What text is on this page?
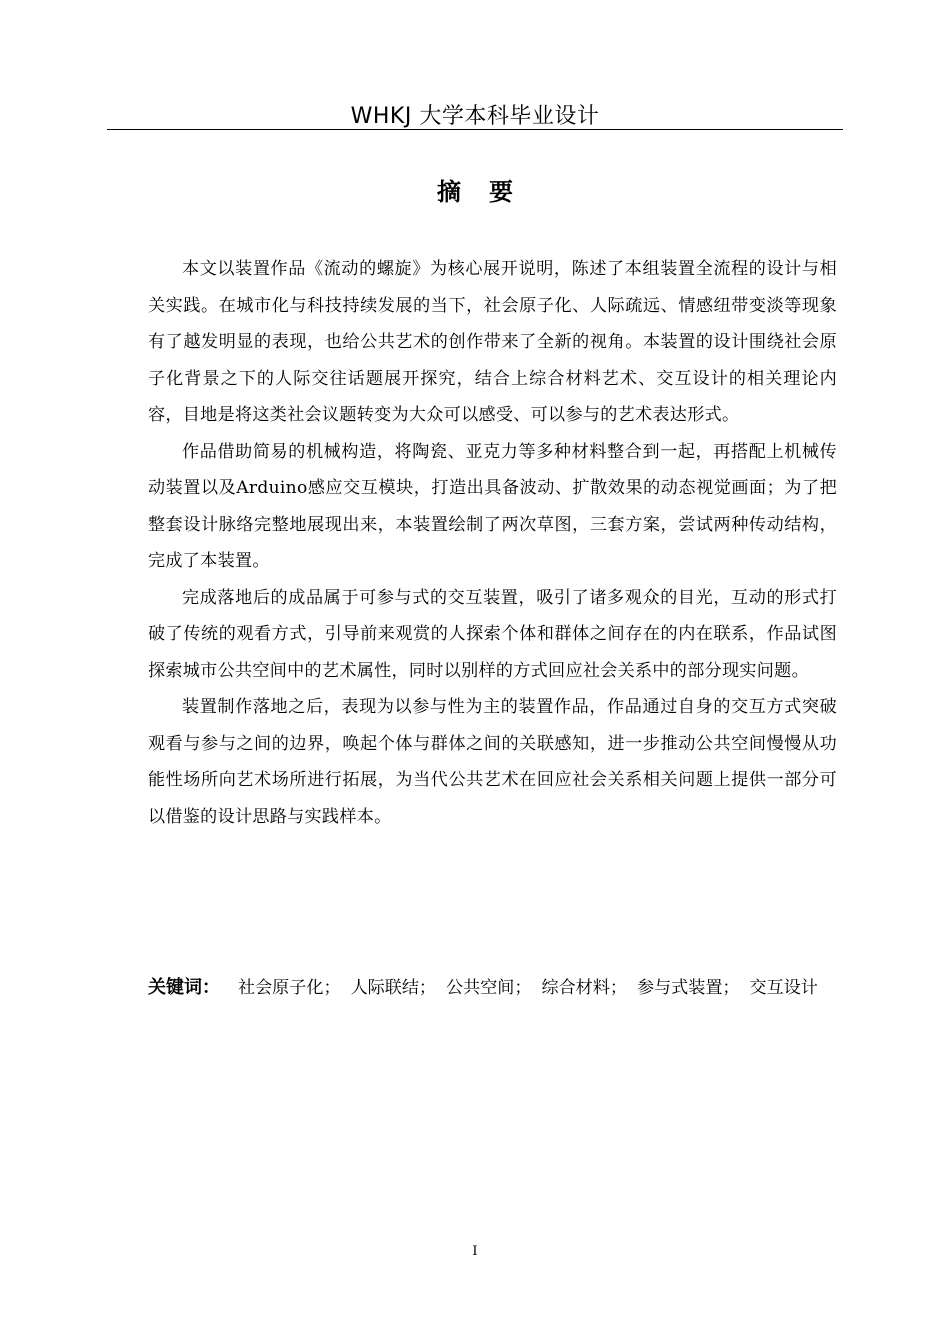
WHKJ 大学本科毕业设计
摘要

本文以装置作品《流动的螺旋》为核心展开说明，陈述了本组装置全流程的设计与相关实践。在城市化与科技持续发展的当下，社会原子化、人际疏远、情感纽带变淡等现象有了越发明显的表现，也给公共艺术的创作带来了全新的视角。本装置的设计围绕社会原子化背景之下的人际交往话题展开探究，结合上综合材料艺术、交互设计的相关理论内容，目地是将这类社会议题转变为大众可以感受、可以参与的艺术表达形式。

作品借助简易的机械构造，将陶瓷、亚克力等多种材料整合到一起，再搭配上机械传动装置以及Arduino感应交互模块，打造出具备波动、扩散效果的动态视觉画面；为了把整套设计脉络完整地展现出来，本装置绘制了两次草图，三套方案，尝试两种传动结构，完成了本装置。

完成落地后的成品属于可参与式的交互装置，吸引了诸多观众的目光，互动的形式打破了传统的观看方式，引导前来观赏的人探索个体和群体之间存在的内在联系，作品试图探索城市公共空间中的艺术属性，同时以别样的方式回应社会关系中的部分现实问题。

装置制作落地之后，表现为以参与性为主的装置作品，作品通过自身的交互方式突破观看与参与之间的边界，唤起个体与群体之间的关联感知，进一步推动公共空间慢慢从功能性场所向艺术场所进行拓展，为当代公共艺术在回应社会关系相关问题上提供一部分可以借鉴的设计思路与实践样本。

关键词： 社会原子化； 人际联结； 公共空间； 综合材料； 参与式装置； 交互设计
I
